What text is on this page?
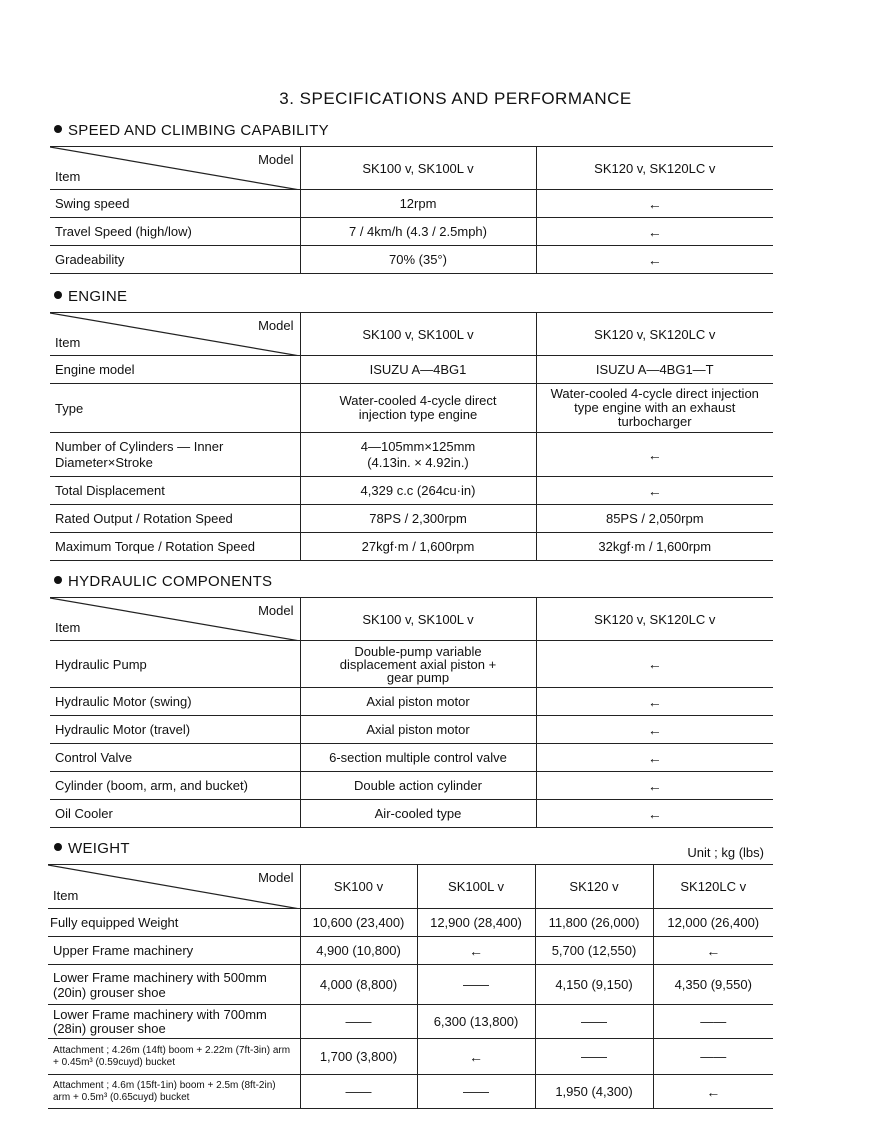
3. SPECIFICATIONS AND PERFORMANCE
SPEED AND CLIMBING CAPABILITY
Model
Item	SK100 v, SK100L v	SK120 v, SK120LC v
Swing speed	12rpm	←
Travel Speed (high/low)	7 / 4km/h (4.3 / 2.5mph)	←
Gradeability	70% (35°)	←
ENGINE
Model
Item	SK100 v, SK100L v	SK120 v, SK120LC v
Engine model	ISUZU A—4BG1	ISUZU A—4BG1—T
Type	Water-cooled 4-cycle direct injection type engine	Water-cooled 4-cycle direct injection type engine with an exhaust turbocharger
Number of Cylinders — Inner Diameter×Stroke	4—105mm×125mm (4.13in. × 4.92in.)	←
Total Displacement	4,329 c.c (264cu·in)	←
Rated Output / Rotation Speed	78PS / 2,300rpm	85PS / 2,050rpm
Maximum Torque / Rotation Speed	27kgf·m / 1,600rpm	32kgf·m / 1,600rpm
HYDRAULIC COMPONENTS
Model
Item	SK100 v, SK100L v	SK120 v, SK120LC v
Hydraulic Pump	Double-pump variable displacement axial piston + gear pump	←
Hydraulic Motor (swing)	Axial piston motor	←
Hydraulic Motor (travel)	Axial piston motor	←
Control Valve	6-section multiple control valve	←
Cylinder (boom, arm, and bucket)	Double action cylinder	←
Oil Cooler	Air-cooled type	←
WEIGHT	Unit ; kg (lbs)
Model
Item	SK100 v	SK100L v	SK120 v	SK120LC v
Fully equipped Weight	10,600 (23,400)	12,900 (28,400)	11,800 (26,000)	12,000 (26,400)
Upper Frame machinery	4,900 (10,800)	←	5,700 (12,550)	←
Lower Frame machinery with 500mm (20in) grouser shoe	4,000 (8,800)	——	4,150 (9,150)	4,350 (9,550)
Lower Frame machinery with 700mm (28in) grouser shoe	——	6,300 (13,800)	——	——
Attachment ; 4.26m (14ft) boom + 2.22m (7ft-3in) arm + 0.45m³ (0.59cuyd) bucket	1,700 (3,800)	←	——	——
Attachment ; 4.6m (15ft-1in) boom + 2.5m (8ft-2in) arm + 0.5m³ (0.65cuyd) bucket	——	——	1,950 (4,300)	←
